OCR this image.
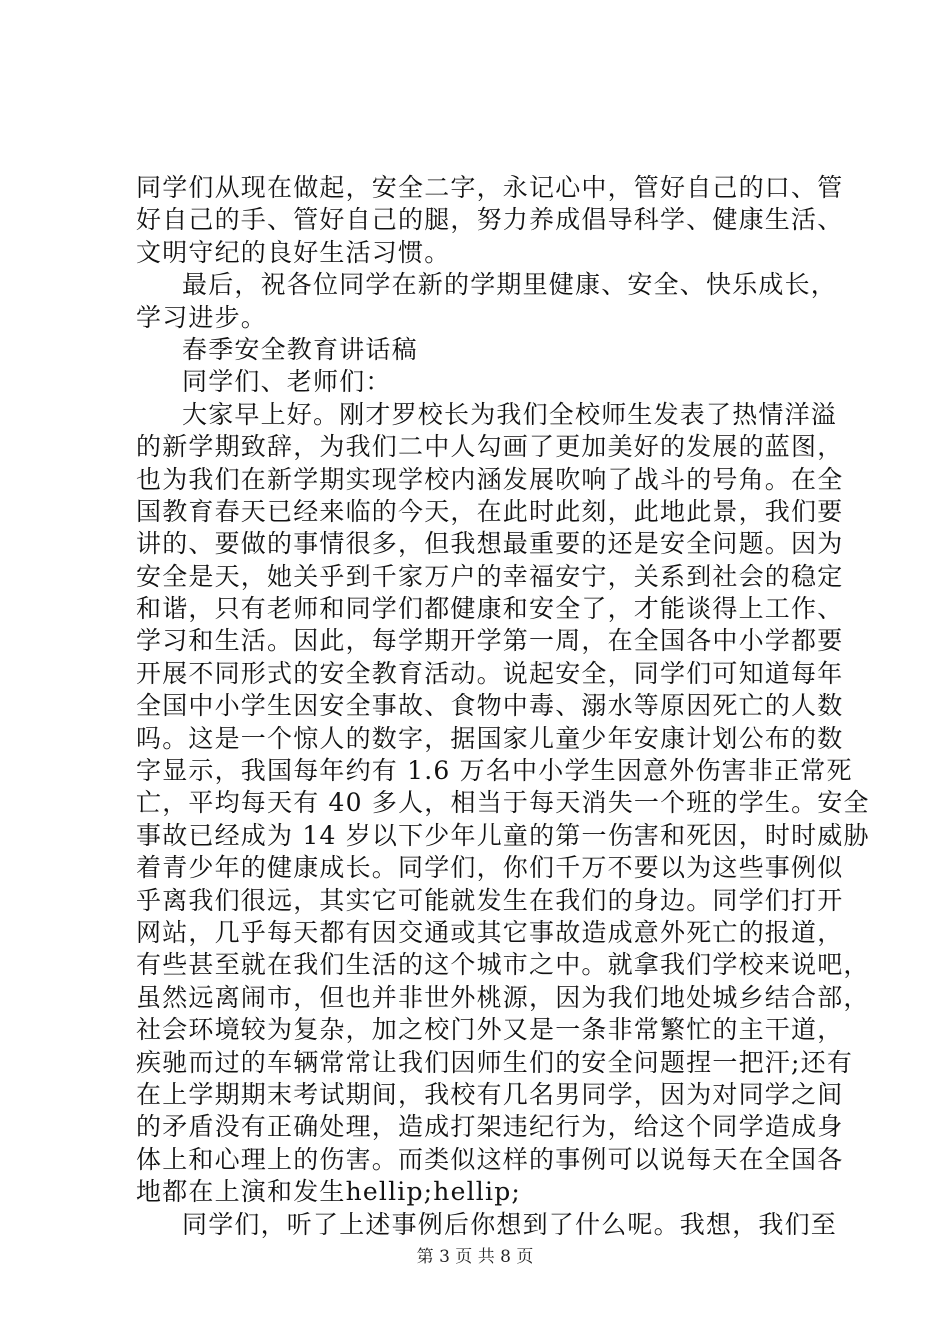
同学们从现在做起，安全二字，永记心中，管好自己的口、管
好自己的手、管好自己的腿，努力养成倡导科学、健康生活、
文明守纪的良好生活习惯。
最后，祝各位同学在新的学期里健康、安全、快乐成长，
学习进步。
春季安全教育讲话稿
同学们、老师们：
大家早上好。刚才罗校长为我们全校师生发表了热情洋溢
的新学期致辞，为我们二中人勾画了更加美好的发展的蓝图，
也为我们在新学期实现学校内涵发展吹响了战斗的号角。在全
国教育春天已经来临的今天，在此时此刻，此地此景，我们要
讲的、要做的事情很多，但我想最重要的还是安全问题。因为
安全是天，她关乎到千家万户的幸福安宁，关系到社会的稳定
和谐，只有老师和同学们都健康和安全了，才能谈得上工作、
学习和生活。因此，每学期开学第一周，在全国各中小学都要
开展不同形式的安全教育活动。说起安全，同学们可知道每年
全国中小学生因安全事故、食物中毒、溺水等原因死亡的人数
吗。这是一个惊人的数字，据国家儿童少年安康计划公布的数
字显示，我国每年约有 1.6 万名中小学生因意外伤害非正常死
亡，平均每天有 40 多人，相当于每天消失一个班的学生。安全
事故已经成为 14 岁以下少年儿童的第一伤害和死因，时时威胁
着青少年的健康成长。同学们，你们千万不要以为这些事例似
乎离我们很远，其实它可能就发生在我们的身边。同学们打开
网站，几乎每天都有因交通或其它事故造成意外死亡的报道，
有些甚至就在我们生活的这个城市之中。就拿我们学校来说吧，
虽然远离闹市，但也并非世外桃源，因为我们地处城乡结合部，
社会环境较为复杂，加之校门外又是一条非常繁忙的主干道，
疾驰而过的车辆常常让我们因师生们的安全问题捏一把汗;还有
在上学期期末考试期间，我校有几名男同学，因为对同学之间
的矛盾没有正确处理，造成打架违纪行为，给这个同学造成身
体上和心理上的伤害。而类似这样的事例可以说每天在全国各
地都在上演和发生hellip;hellip;
同学们，听了上述事例后你想到了什么呢。我想，我们至
第 3 页 共 8 页
